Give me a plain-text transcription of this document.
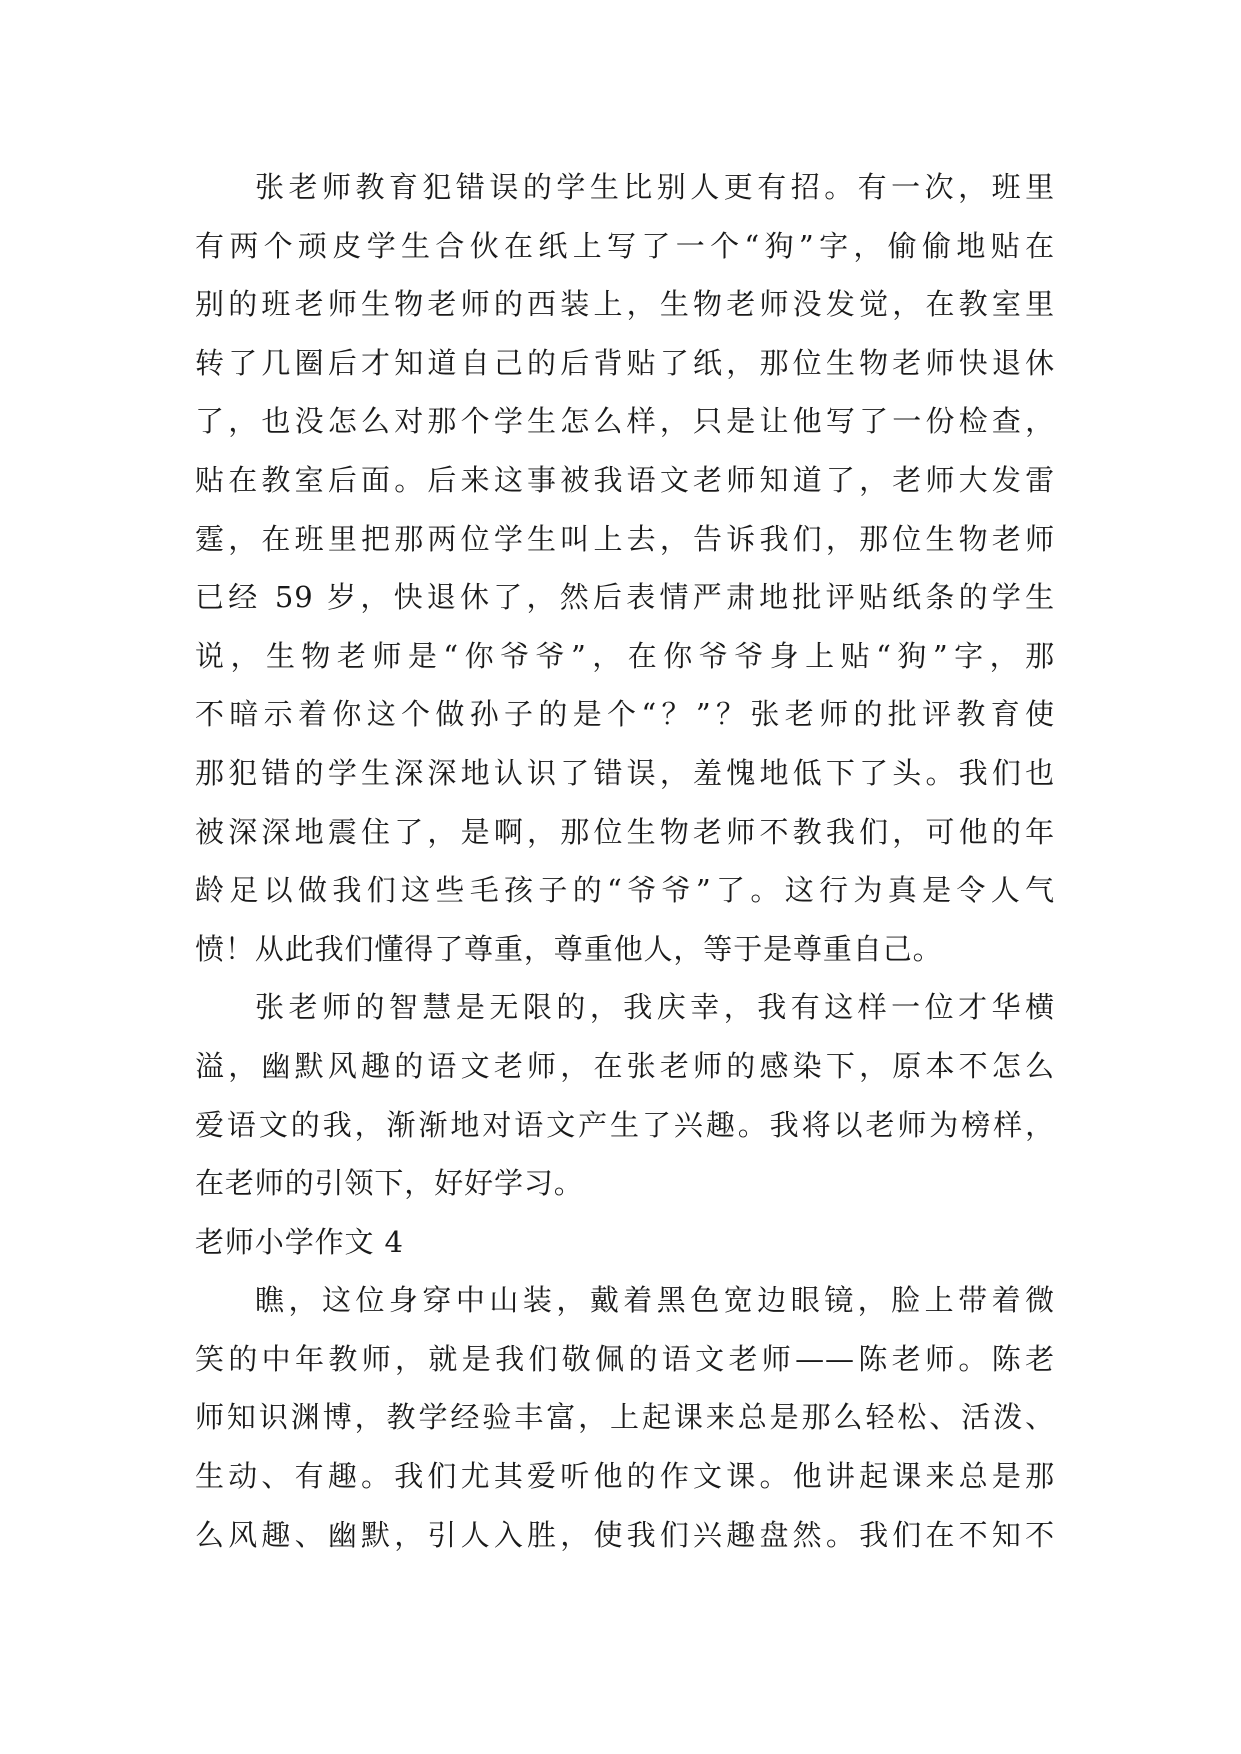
张老师教育犯错误的学生比别人更有招。有一次，班里
有两个顽皮学生合伙在纸上写了一个“狗”字，偷偷地贴在
别的班老师生物老师的西装上，生物老师没发觉，在教室里
转了几圈后才知道自己的后背贴了纸，那位生物老师快退休
了，也没怎么对那个学生怎么样，只是让他写了一份检查，
贴在教室后面。后来这事被我语文老师知道了，老师大发雷
霆，在班里把那两位学生叫上去，告诉我们，那位生物老师
已经 59 岁，快退休了，然后表情严肃地批评贴纸条的学生
说，生物老师是“你爷爷”，在你爷爷身上贴“狗”字，那
不暗示着你这个做孙子的是个“？”？张老师的批评教育使
那犯错的学生深深地认识了错误，羞愧地低下了头。我们也
被深深地震住了，是啊，那位生物老师不教我们，可他的年
龄足以做我们这些毛孩子的“爷爷”了。这行为真是令人气
愤！从此我们懂得了尊重，尊重他人，等于是尊重自己。
张老师的智慧是无限的，我庆幸，我有这样一位才华横
溢，幽默风趣的语文老师，在张老师的感染下，原本不怎么
爱语文的我，渐渐地对语文产生了兴趣。我将以老师为榜样，
在老师的引领下，好好学习。
老师小学作文 4
瞧，这位身穿中山装，戴着黑色宽边眼镜，脸上带着微
笑的中年教师，就是我们敬佩的语文老师——陈老师。陈老
师知识渊博，教学经验丰富，上起课来总是那么轻松、活泼、
生动、有趣。我们尤其爱听他的作文课。他讲起课来总是那
么风趣、幽默，引人入胜，使我们兴趣盘然。我们在不知不
